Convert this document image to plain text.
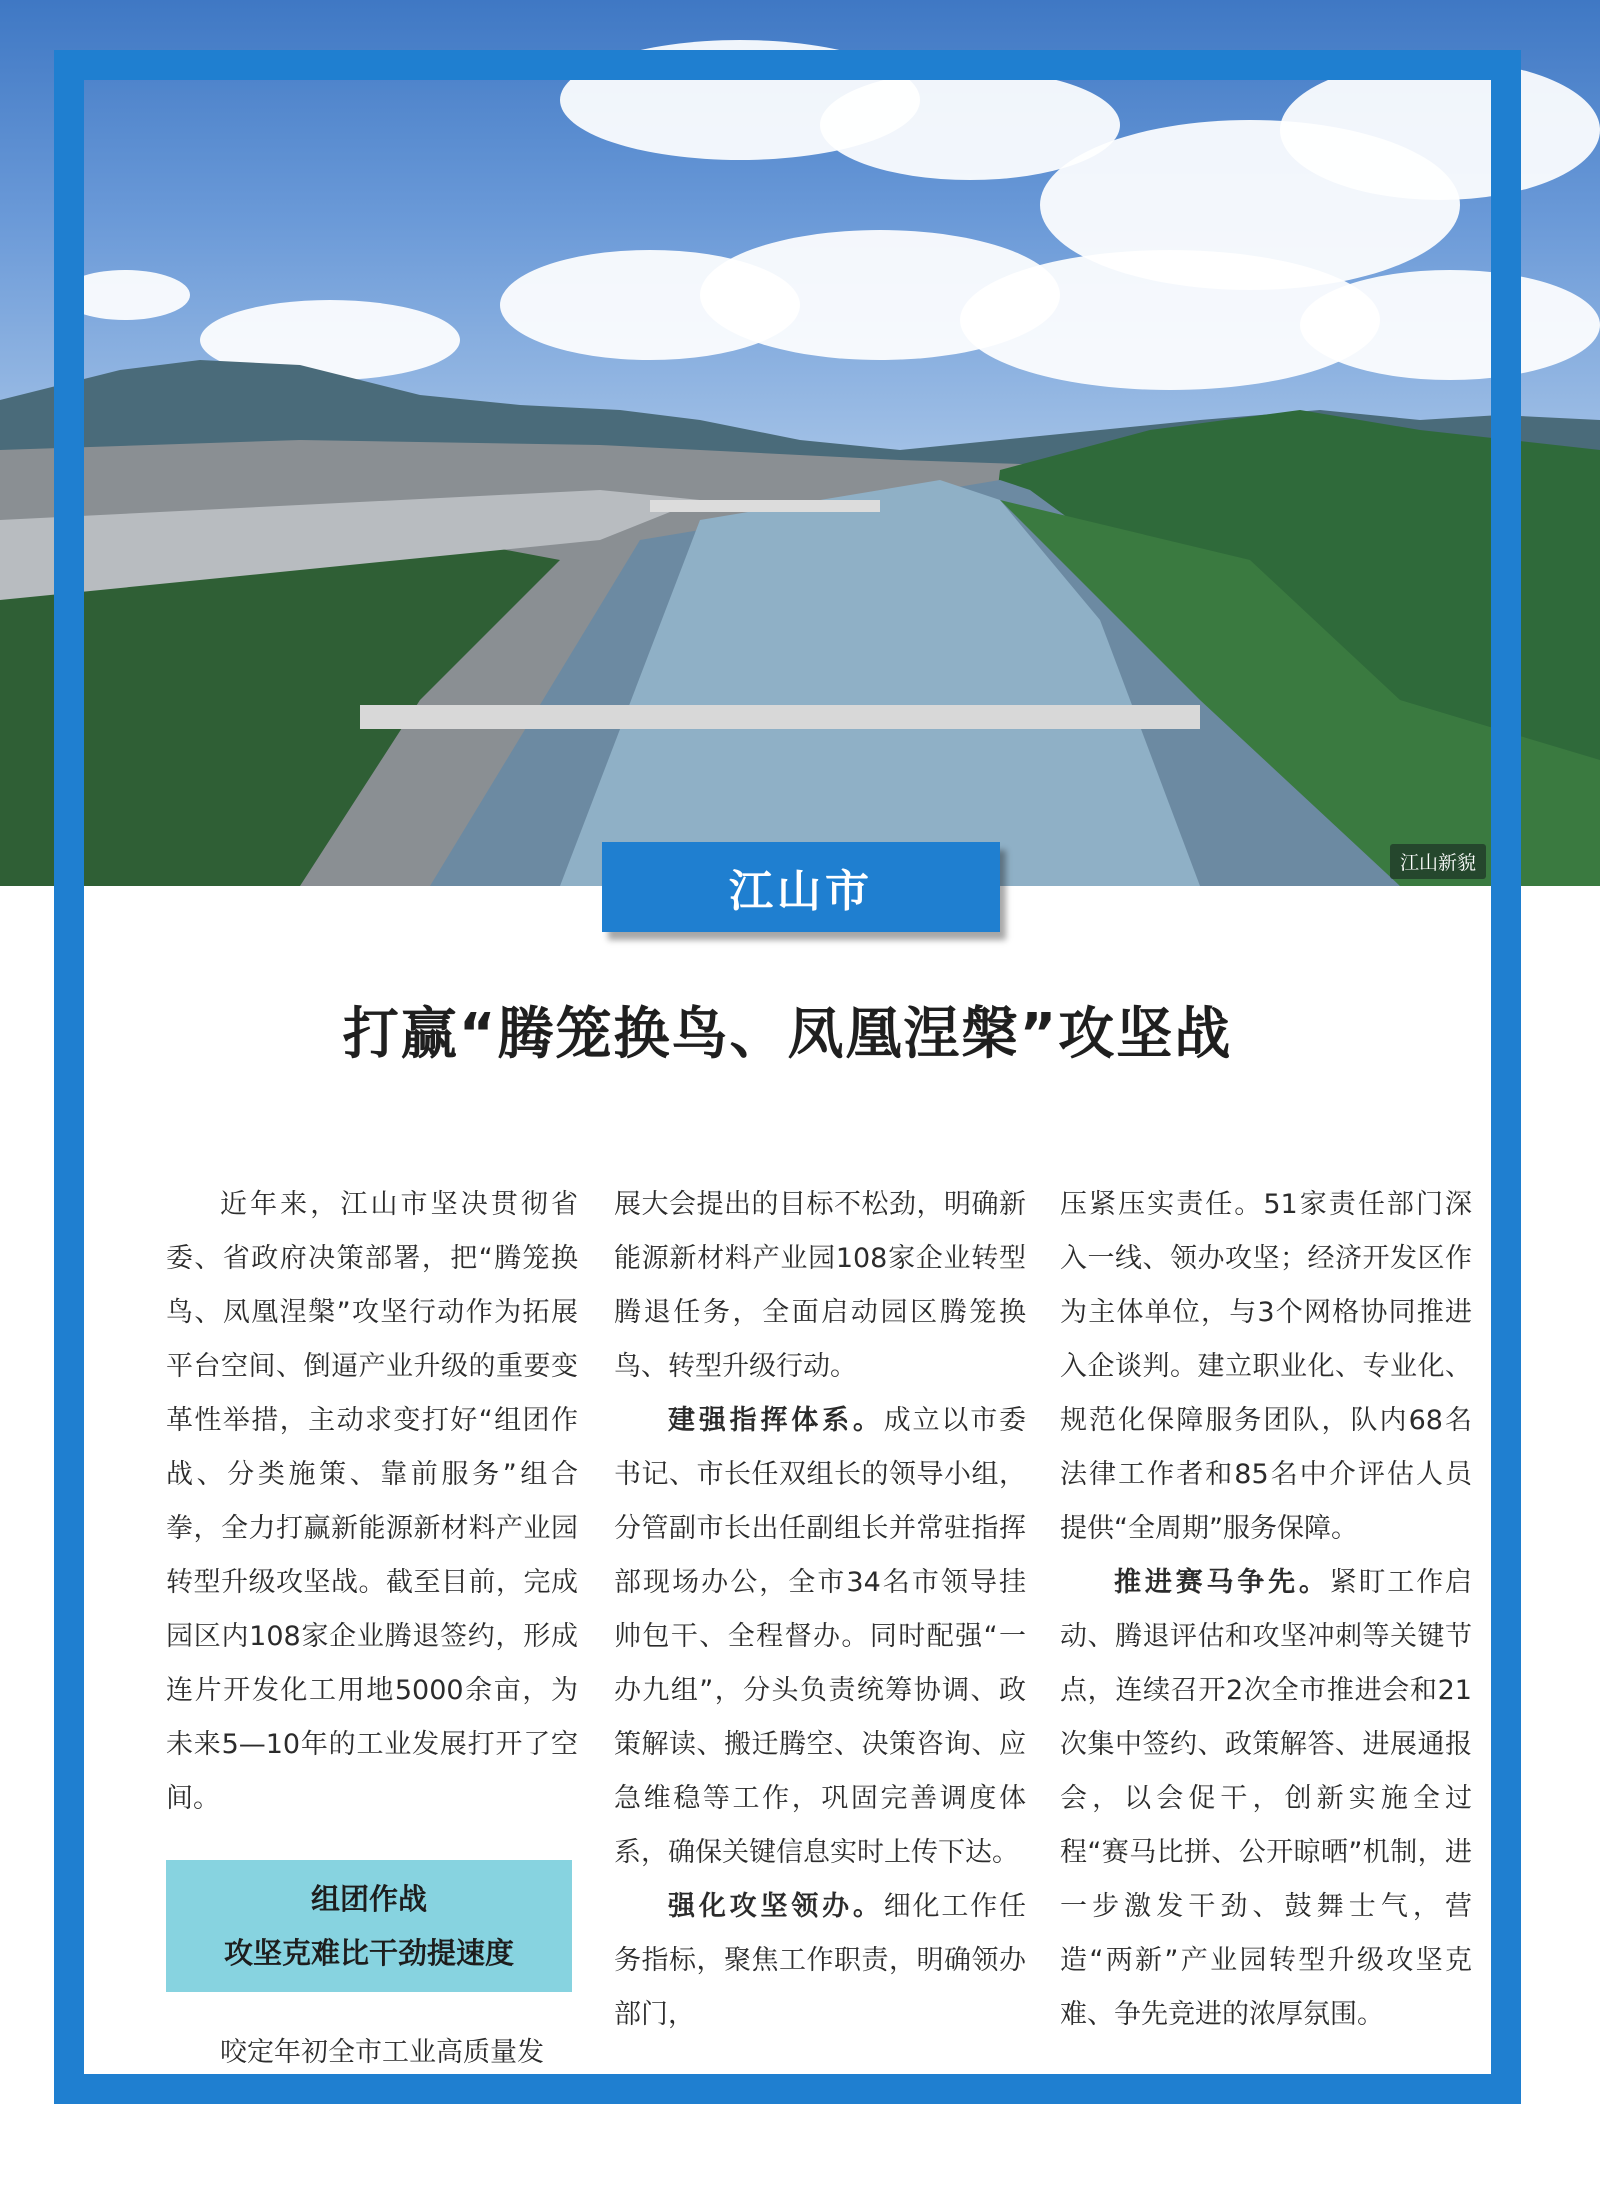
江山新貌
江山市
打赢“腾笼换鸟、凤凰涅槃”攻坚战

近年来，江山市坚决贯彻省委、省政府决策部署，把“腾笼换鸟、凤凰涅槃”攻坚行动作为拓展平台空间、倒逼产业升级的重要变革性举措，主动求变打好“组团作战、分类施策、靠前服务”组合拳，全力打赢新能源新材料产业园转型升级攻坚战。截至目前，完成园区内108家企业腾退签约，形成连片开发化工用地5000余亩，为未来5—10年的工业发展打开了空间。

组团作战
攻坚克难比干劲提速度

咬定年初全市工业高质量发

展大会提出的目标不松劲，明确新能源新材料产业园108家企业转型腾退任务，全面启动园区腾笼换鸟、转型升级行动。

建强指挥体系。成立以市委书记、市长任双组长的领导小组，分管副市长出任副组长并常驻指挥部现场办公，全市34名市领导挂帅包干、全程督办。同时配强“一办九组”，分头负责统筹协调、政策解读、搬迁腾空、决策咨询、应急维稳等工作，巩固完善调度体系，确保关键信息实时上传下达。

强化攻坚领办。细化工作任务指标，聚焦工作职责，明确领办部门，

压紧压实责任。51家责任部门深入一线、领办攻坚；经济开发区作为主体单位，与3个网格协同推进入企谈判。建立职业化、专业化、规范化保障服务团队，队内68名法律工作者和85名中介评估人员提供“全周期”服务保障。

推进赛马争先。紧盯工作启动、腾退评估和攻坚冲刺等关键节点，连续召开2次全市推进会和21次集中签约、政策解答、进展通报会，以会促干，创新实施全过程“赛马比拼、公开晾晒”机制，进一步激发干劲、鼓舞士气，营造“两新”产业园转型升级攻坚克难、争先竞进的浓厚氛围。
